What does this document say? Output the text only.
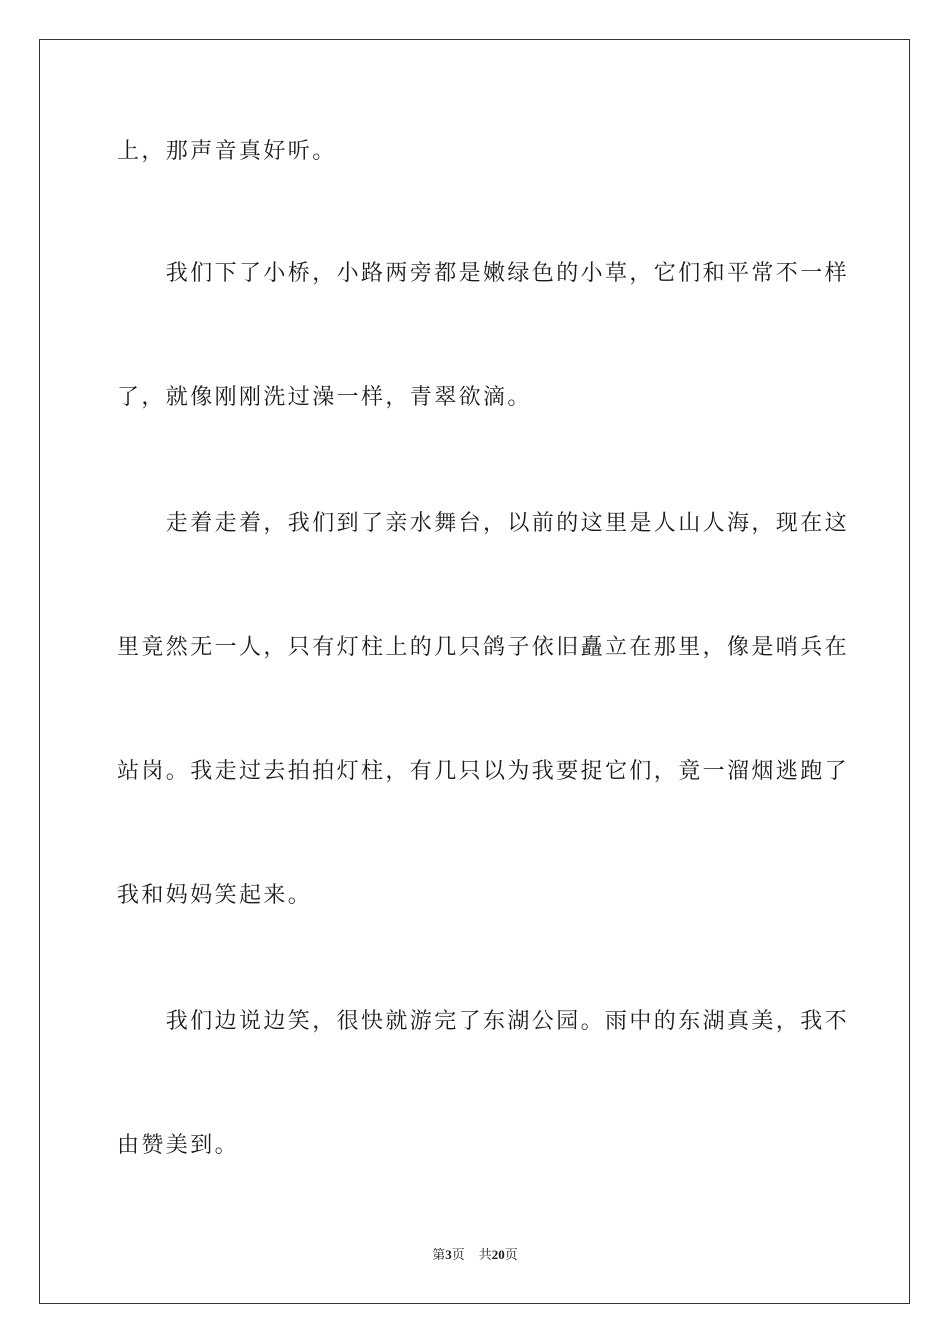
上，那声音真好听。
　　我们下了小桥，小路两旁都是嫩绿色的小草，它们和平常不一样
了，就像刚刚洗过澡一样，青翠欲滴。
　　走着走着，我们到了亲水舞台，以前的这里是人山人海，现在这
里竟然无一人，只有灯柱上的几只鸽子依旧矗立在那里，像是哨兵在
站岗。我走过去拍拍灯柱，有几只以为我要捉它们，竟一溜烟逃跑了
我和妈妈笑起来。
　　我们边说边笑，很快就游完了东湖公园。雨中的东湖真美，我不
由赞美到。
第3页 共20页
